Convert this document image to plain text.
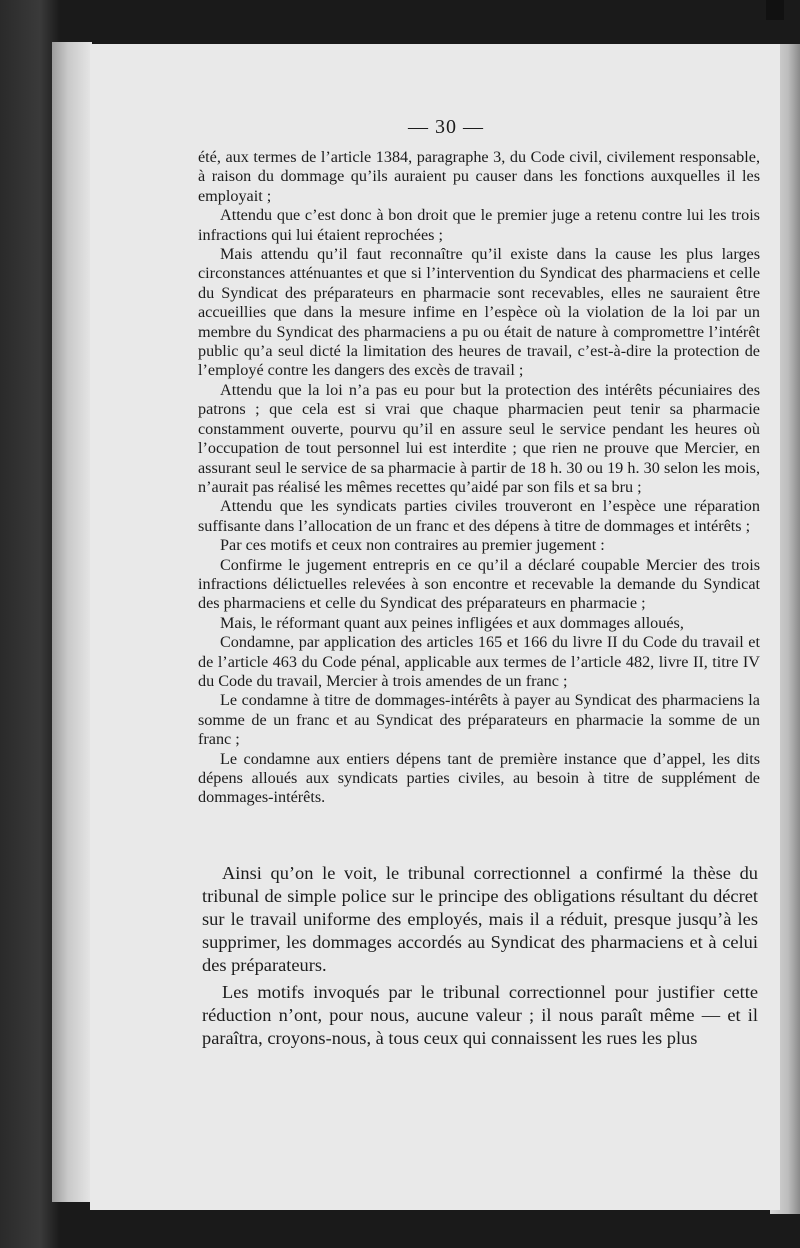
— 30 —

été, aux termes de l’article 1384, paragraphe 3, du Code civil, civilement responsable, à raison du dommage qu’ils auraient pu causer dans les fonctions auxquelles il les employait ;

Attendu que c’est donc à bon droit que le premier juge a retenu contre lui les trois infractions qui lui étaient reprochées ;

Mais attendu qu’il faut reconnaître qu’il existe dans la cause les plus larges circonstances atténuantes et que si l’intervention du Syndicat des pharmaciens et celle du Syndicat des préparateurs en pharmacie sont recevables, elles ne sauraient être accueillies que dans la mesure infime en l’espèce où la violation de la loi par un membre du Syndicat des pharmaciens a pu ou était de nature à compromettre l’intérêt public qu’a seul dicté la limitation des heures de travail, c’est-à-dire la protection de l’employé contre les dangers des excès de travail ;

Attendu que la loi n’a pas eu pour but la protection des intérêts pécuniaires des patrons ; que cela est si vrai que chaque pharmacien peut tenir sa pharmacie constamment ouverte, pourvu qu’il en assure seul le service pendant les heures où l’occupation de tout personnel lui est interdite ; que rien ne prouve que Mercier, en assurant seul le service de sa pharmacie à partir de 18 h. 30 ou 19 h. 30 selon les mois, n’aurait pas réalisé les mêmes recettes qu’aidé par son fils et sa bru ;

Attendu que les syndicats parties civiles trouveront en l’espèce une réparation suffisante dans l’allocation de un franc et des dépens à titre de dommages et intérêts ;

Par ces motifs et ceux non contraires au premier jugement :

Confirme le jugement entrepris en ce qu’il a déclaré coupable Mercier des trois infractions délictuelles relevées à son encontre et recevable la demande du Syndicat des pharmaciens et celle du Syndicat des préparateurs en pharmacie ;

Mais, le réformant quant aux peines infligées et aux dommages alloués,

Condamne, par application des articles 165 et 166 du livre II du Code du travail et de l’article 463 du Code pénal, applicable aux termes de l’article 482, livre II, titre IV du Code du travail, Mercier à trois amendes de un franc ;

Le condamne à titre de dommages-intérêts à payer au Syndicat des pharmaciens la somme de un franc et au Syndicat des préparateurs en pharmacie la somme de un franc ;

Le condamne aux entiers dépens tant de première instance que d’appel, les dits dépens alloués aux syndicats parties civiles, au besoin à titre de supplément de dommages-intérêts.

Ainsi qu’on le voit, le tribunal correctionnel a confirmé la thèse du tribunal de simple police sur le principe des obligations résultant du décret sur le travail uniforme des employés, mais il a réduit, presque jusqu’à les supprimer, les dommages accordés au Syndicat des pharmaciens et à celui des préparateurs.

Les motifs invoqués par le tribunal correctionnel pour justifier cette réduction n’ont, pour nous, aucune valeur ; il nous paraît même — et il paraîtra, croyons-nous, à tous ceux qui connaissent les rues les plus
